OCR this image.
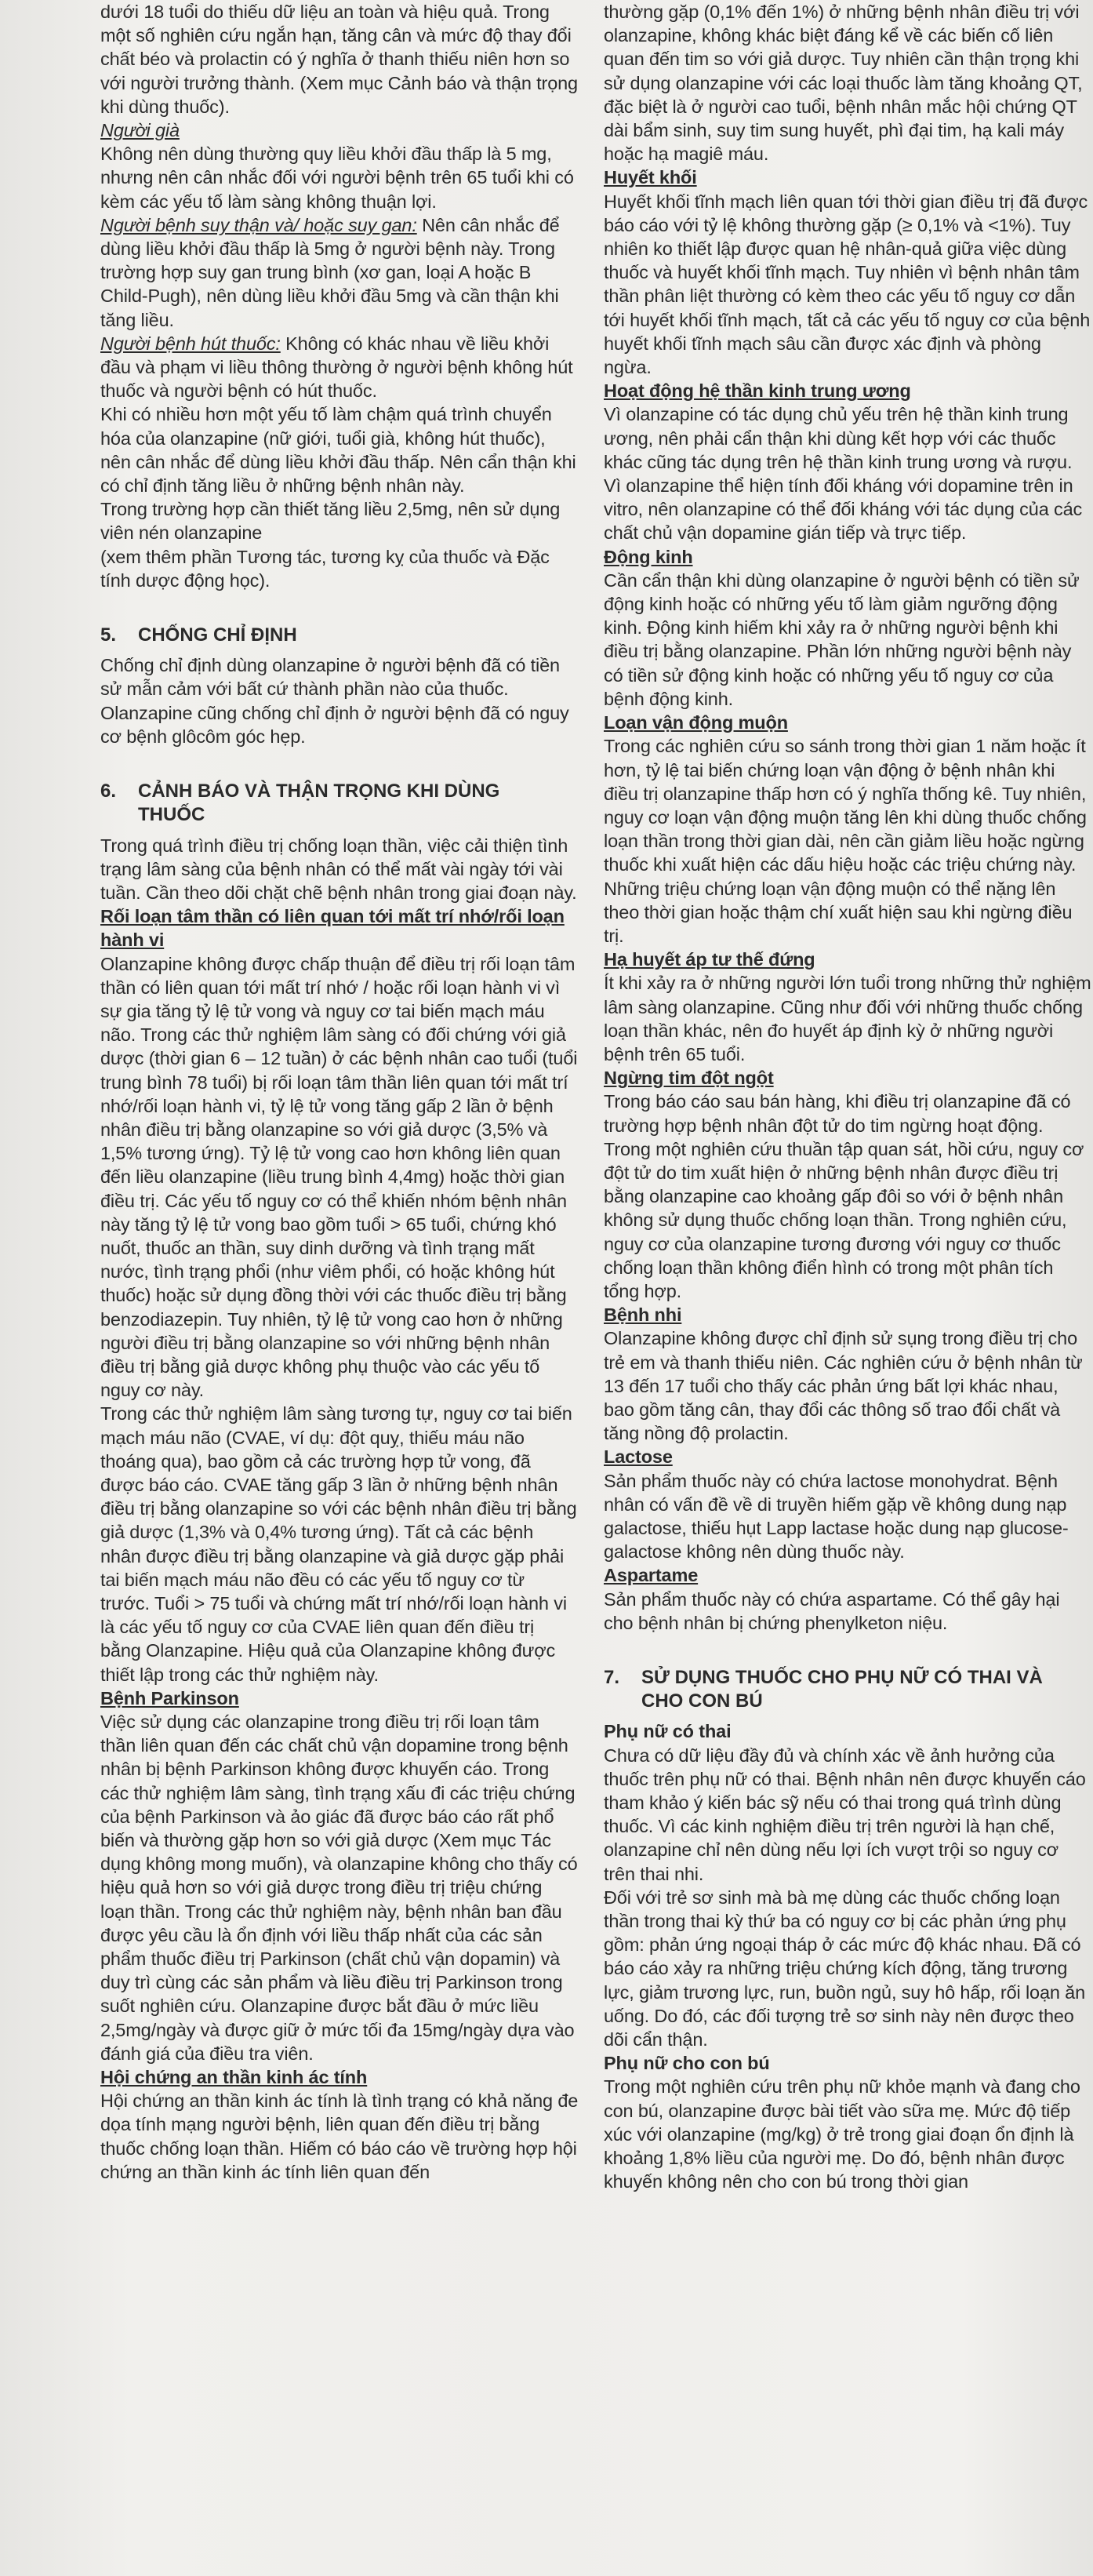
dưới 18 tuổi do thiếu dữ liệu an toàn và hiệu quả. Trong một số nghiên cứu ngắn hạn, tăng cân và mức độ thay đổi chất béo và prolactin có ý nghĩa ở thanh thiếu niên hơn so với người trưởng thành. (Xem mục Cảnh báo và thận trọng khi dùng thuốc).

Người già

Không nên dùng thường quy liều khởi đầu thấp là 5 mg, nhưng nên cân nhắc đối với người bệnh trên 65 tuổi khi có kèm các yếu tố làm sàng không thuận lợi.

Người bệnh suy thận và/ hoặc suy gan: Nên cân nhắc để dùng liều khởi đầu thấp là 5mg ở người bệnh này. Trong trường hợp suy gan trung bình (xơ gan, loại A hoặc B Child-Pugh), nên dùng liều khởi đầu 5mg và cần thận khi tăng liều.

Người bệnh hút thuốc: Không có khác nhau về liều khởi đầu và phạm vi liều thông thường ở người bệnh không hút thuốc và người bệnh có hút thuốc.

Khi có nhiều hơn một yếu tố làm chậm quá trình chuyển hóa của olanzapine (nữ giới, tuổi già, không hút thuốc), nên cân nhắc để dùng liều khởi đầu thấp. Nên cẩn thận khi có chỉ định tăng liều ở những bệnh nhân này.

Trong trường hợp cần thiết tăng liều 2,5mg, nên sử dụng viên nén olanzapine

(xem thêm phần Tương tác, tương kỵ của thuốc và Đặc tính dược động học).

5. CHỐNG CHỈ ĐỊNH

Chống chỉ định dùng olanzapine ở người bệnh đã có tiền sử mẫn cảm với bất cứ thành phần nào của thuốc.

Olanzapine cũng chống chỉ định ở người bệnh đã có nguy cơ bệnh glôcôm góc hẹp.

6. CẢNH BÁO VÀ THẬN TRỌNG KHI DÙNG
THUỐC

Trong quá trình điều trị chống loạn thần, việc cải thiện tình trạng lâm sàng của bệnh nhân có thể mất vài ngày tới vài tuần. Cần theo dõi chặt chẽ bệnh nhân trong giai đoạn này.

Rối loạn tâm thần có liên quan tới mất trí nhớ/rối loạn hành vi

Olanzapine không được chấp thuận để điều trị rối loạn tâm thần có liên quan tới mất trí nhớ / hoặc rối loạn hành vi vì sự gia tăng tỷ lệ tử vong và nguy cơ tai biến mạch máu não. Trong các thử nghiệm lâm sàng có đối chứng với giả dược (thời gian 6 – 12 tuần) ở các bệnh nhân cao tuổi (tuổi trung bình 78 tuổi) bị rối loạn tâm thần liên quan tới mất trí nhớ/rối loạn hành vi, tỷ lệ tử vong tăng gấp 2 lần ở bệnh nhân điều trị bằng olanzapine so với giả dược (3,5% và 1,5% tương ứng). Tỷ lệ tử vong cao hơn không liên quan đến liều olanzapine (liều trung bình 4,4mg) hoặc thời gian điều trị. Các yếu tố nguy cơ có thể khiến nhóm bệnh nhân này tăng tỷ lệ tử vong bao gồm tuổi > 65 tuổi, chứng khó nuốt, thuốc an thần, suy dinh dưỡng và tình trạng mất nước, tình trạng phổi (như viêm phổi, có hoặc không hút thuốc) hoặc sử dụng đồng thời với các thuốc điều trị bằng benzodiazepin. Tuy nhiên, tỷ lệ tử vong cao hơn ở những người điều trị bằng olanzapine so với những bệnh nhân điều trị bằng giả dược không phụ thuộc vào các yếu tố nguy cơ này.

Trong các thử nghiệm lâm sàng tương tự, nguy cơ tai biến mạch máu não (CVAE, ví dụ: đột quỵ, thiếu máu não thoáng qua), bao gồm cả các trường hợp tử vong, đã được báo cáo. CVAE tăng gấp 3 lần ở những bệnh nhân điều trị bằng olanzapine so với các bệnh nhân điều trị bằng giả dược (1,3% và 0,4% tương ứng). Tất cả các bệnh nhân được điều trị bằng olanzapine và giả dược gặp phải tai biến mạch máu não đều có các yếu tố nguy cơ từ trước. Tuổi > 75 tuổi và chứng mất trí nhớ/rối loạn hành vi là các yếu tố nguy cơ của CVAE liên quan đến điều trị bằng Olanzapine. Hiệu quả của Olanzapine không được thiết lập trong các thử nghiệm này.

Bệnh Parkinson

Việc sử dụng các olanzapine trong điều trị rối loạn tâm thần liên quan đến các chất chủ vận dopamine trong bệnh nhân bị bệnh Parkinson không được khuyến cáo. Trong các thử nghiệm lâm sàng, tình trạng xấu đi các triệu chứng của bệnh Parkinson và ảo giác đã được báo cáo rất phổ biến và thường gặp hơn so với giả dược (Xem mục Tác dụng không mong muốn), và olanzapine không cho thấy có hiệu quả hơn so với giả dược trong điều trị triệu chứng loạn thần. Trong các thử nghiệm này, bệnh nhân ban đầu được yêu cầu là ổn định với liều thấp nhất của các sản phẩm thuốc điều trị Parkinson (chất chủ vận dopamin) và duy trì cùng các sản phẩm và liều điều trị Parkinson trong suốt nghiên cứu. Olanzapine được bắt đầu ở mức liều 2,5mg/ngày và được giữ ở mức tối đa 15mg/ngày dựa vào đánh giá của điều tra viên.

Hội chứng an thần kinh ác tính

Hội chứng an thần kinh ác tính là tình trạng có khả năng đe dọa tính mạng người bệnh, liên quan đến điều trị bằng thuốc chống loạn thần. Hiếm có báo cáo về trường hợp hội chứng an thần kinh ác tính liên quan đến

thường gặp (0,1% đến 1%) ở những bệnh nhân điều trị với olanzapine, không khác biệt đáng kể về các biến cố liên quan đến tim so với giả dược. Tuy nhiên cần thận trọng khi sử dụng olanzapine với các loại thuốc làm tăng khoảng QT, đặc biệt là ở người cao tuổi, bệnh nhân mắc hội chứng QT dài bẩm sinh, suy tim sung huyết, phì đại tim, hạ kali máy hoặc hạ magiê máu.

Huyết khối

Huyết khối tĩnh mạch liên quan tới thời gian điều trị đã được báo cáo với tỷ lệ không thường gặp (≥ 0,1% và <1%). Tuy nhiên ko thiết lập được quan hệ nhân-quả giữa việc dùng thuốc và huyết khối tĩnh mạch. Tuy nhiên vì bệnh nhân tâm thần phân liệt thường có kèm theo các yếu tố nguy cơ dẫn tới huyết khối tĩnh mạch, tất cả các yếu tố nguy cơ của bệnh huyết khối tĩnh mạch sâu cần được xác định và phòng ngừa.

Hoạt động hệ thần kinh trung ương

Vì olanzapine có tác dụng chủ yếu trên hệ thần kinh trung ương, nên phải cẩn thận khi dùng kết hợp với các thuốc khác cũng tác dụng trên hệ thần kinh trung ương và rượu. Vì olanzapine thể hiện tính đối kháng với dopamine trên in vitro, nên olanzapine có thể đối kháng với tác dụng của các chất chủ vận dopamine gián tiếp và trực tiếp.

Động kinh

Cần cẩn thận khi dùng olanzapine ở người bệnh có tiền sử động kinh hoặc có những yếu tố làm giảm ngưỡng động kinh. Động kinh hiếm khi xảy ra ở những người bệnh khi điều trị bằng olanzapine. Phần lớn những người bệnh này có tiền sử động kinh hoặc có những yếu tố nguy cơ của bệnh động kinh.

Loạn vận động muộn

Trong các nghiên cứu so sánh trong thời gian 1 năm hoặc ít hơn, tỷ lệ tai biến chứng loạn vận động ở bệnh nhân khi điều trị olanzapine thấp hơn có ý nghĩa thống kê. Tuy nhiên, nguy cơ loạn vận động muộn tăng lên khi dùng thuốc chống loạn thần trong thời gian dài, nên cần giảm liều hoặc ngừng thuốc khi xuất hiện các dấu hiệu hoặc các triệu chứng này. Những triệu chứng loạn vận động muộn có thể nặng lên theo thời gian hoặc thậm chí xuất hiện sau khi ngừng điều trị.

Hạ huyết áp tư thế đứng

Ít khi xảy ra ở những người lớn tuổi trong những thử nghiệm lâm sàng olanzapine. Cũng như đối với những thuốc chống loạn thần khác, nên đo huyết áp định kỳ ở những người bệnh trên 65 tuổi.

Ngừng tim đột ngột

Trong báo cáo sau bán hàng, khi điều trị olanzapine đã có trường hợp bệnh nhân đột tử do tim ngừng hoạt động. Trong một nghiên cứu thuần tập quan sát, hồi cứu, nguy cơ đột tử do tim xuất hiện ở những bệnh nhân được điều trị bằng olanzapine cao khoảng gấp đôi so với ở bệnh nhân không sử dụng thuốc chống loạn thần. Trong nghiên cứu, nguy cơ của olanzapine tương đương với nguy cơ thuốc chống loạn thần không điển hình có trong một phân tích tổng hợp.

Bệnh nhi

Olanzapine không được chỉ định sử sụng trong điều trị cho trẻ em và thanh thiếu niên. Các nghiên cứu ở bệnh nhân từ 13 đến 17 tuổi cho thấy các phản ứng bất lợi khác nhau, bao gồm tăng cân, thay đổi các thông số trao đổi chất và tăng nồng độ prolactin.

Lactose

Sản phẩm thuốc này có chứa lactose monohydrat. Bệnh nhân có vấn đề về di truyền hiếm gặp về không dung nạp galactose, thiếu hụt Lapp lactase hoặc dung nạp glucose-galactose không nên dùng thuốc này.

Aspartame

Sản phẩm thuốc này có chứa aspartame. Có thể gây hại cho bệnh nhân bị chứng phenylketon niệu.

7. SỬ DỤNG THUỐC CHO PHỤ NỮ CÓ THAI VÀ
CHO CON BÚ

Phụ nữ có thai

Chưa có dữ liệu đầy đủ và chính xác về ảnh hưởng của thuốc trên phụ nữ có thai. Bệnh nhân nên được khuyến cáo tham khảo ý kiến bác sỹ nếu có thai trong quá trình dùng thuốc. Vì các kinh nghiệm điều trị trên người là hạn chế, olanzapine chỉ nên dùng nếu lợi ích vượt trội so nguy cơ trên thai nhi.

Đối với trẻ sơ sinh mà bà mẹ dùng các thuốc chống loạn thần trong thai kỳ thứ ba có nguy cơ bị các phản ứng phụ gồm: phản ứng ngoại tháp ở các mức độ khác nhau. Đã có báo cáo xảy ra những triệu chứng kích động, tăng trương lực, giảm trương lực, run, buồn ngủ, suy hô hấp, rối loạn ăn uống. Do đó, các đối tượng trẻ sơ sinh này nên được theo dõi cẩn thận.

Phụ nữ cho con bú

Trong một nghiên cứu trên phụ nữ khỏe mạnh và đang cho con bú, olanzapine được bài tiết vào sữa mẹ. Mức độ tiếp xúc với olanzapine (mg/kg) ở trẻ trong giai đoạn ổn định là khoảng 1,8% liều của người mẹ. Do đó, bệnh nhân được khuyến không nên cho con bú trong thời gian
